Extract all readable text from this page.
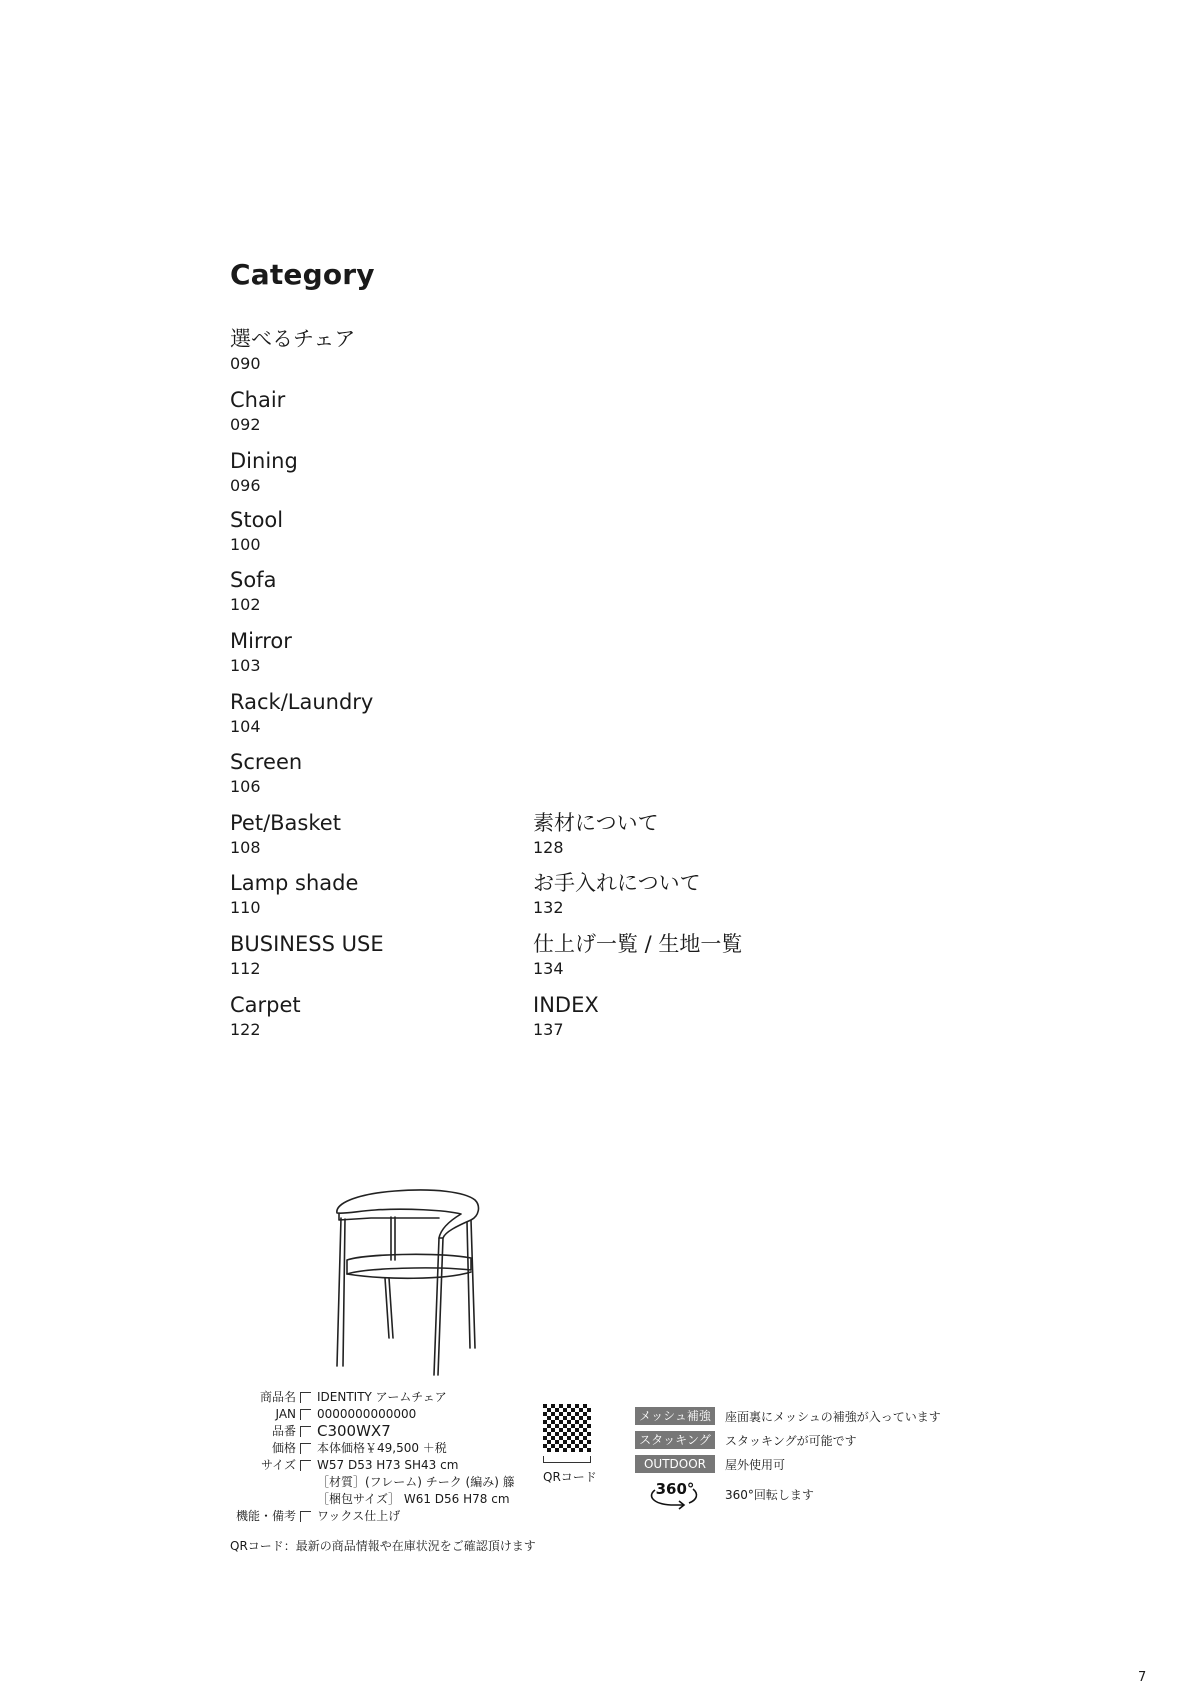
Category
選べるチェア
090
Chair
092
Dining
096
Stool
100
Sofa
102
Mirror
103
Rack/Laundry
104
Screen
106
Pet/Basket
108
Lamp shade
110
BUSINESS USE
112
Carpet
122
素材について
128
お手入れについて
132
仕上げ一覧 / 生地一覧
134
INDEX
137
商品名	IDENTITY アームチェア
JAN	0000000000000
品番 C300WX7
価格	本体価格￥49,500 ＋税
サイズ	W57 D53 H73 SH43 cm
［材質］(フレーム) チーク (編み) 籐
［梱包サイズ］ W61 D56 H78 cm
機能・備考	ワックス仕上げ
QRコード
メッシュ補強	座面裏にメッシュの補強が入っています
スタッキング	スタッキングが可能です
OUTDOOR	屋外使用可
360°	360°回転します
QRコード：最新の商品情報や在庫状況をご確認頂けます
7
